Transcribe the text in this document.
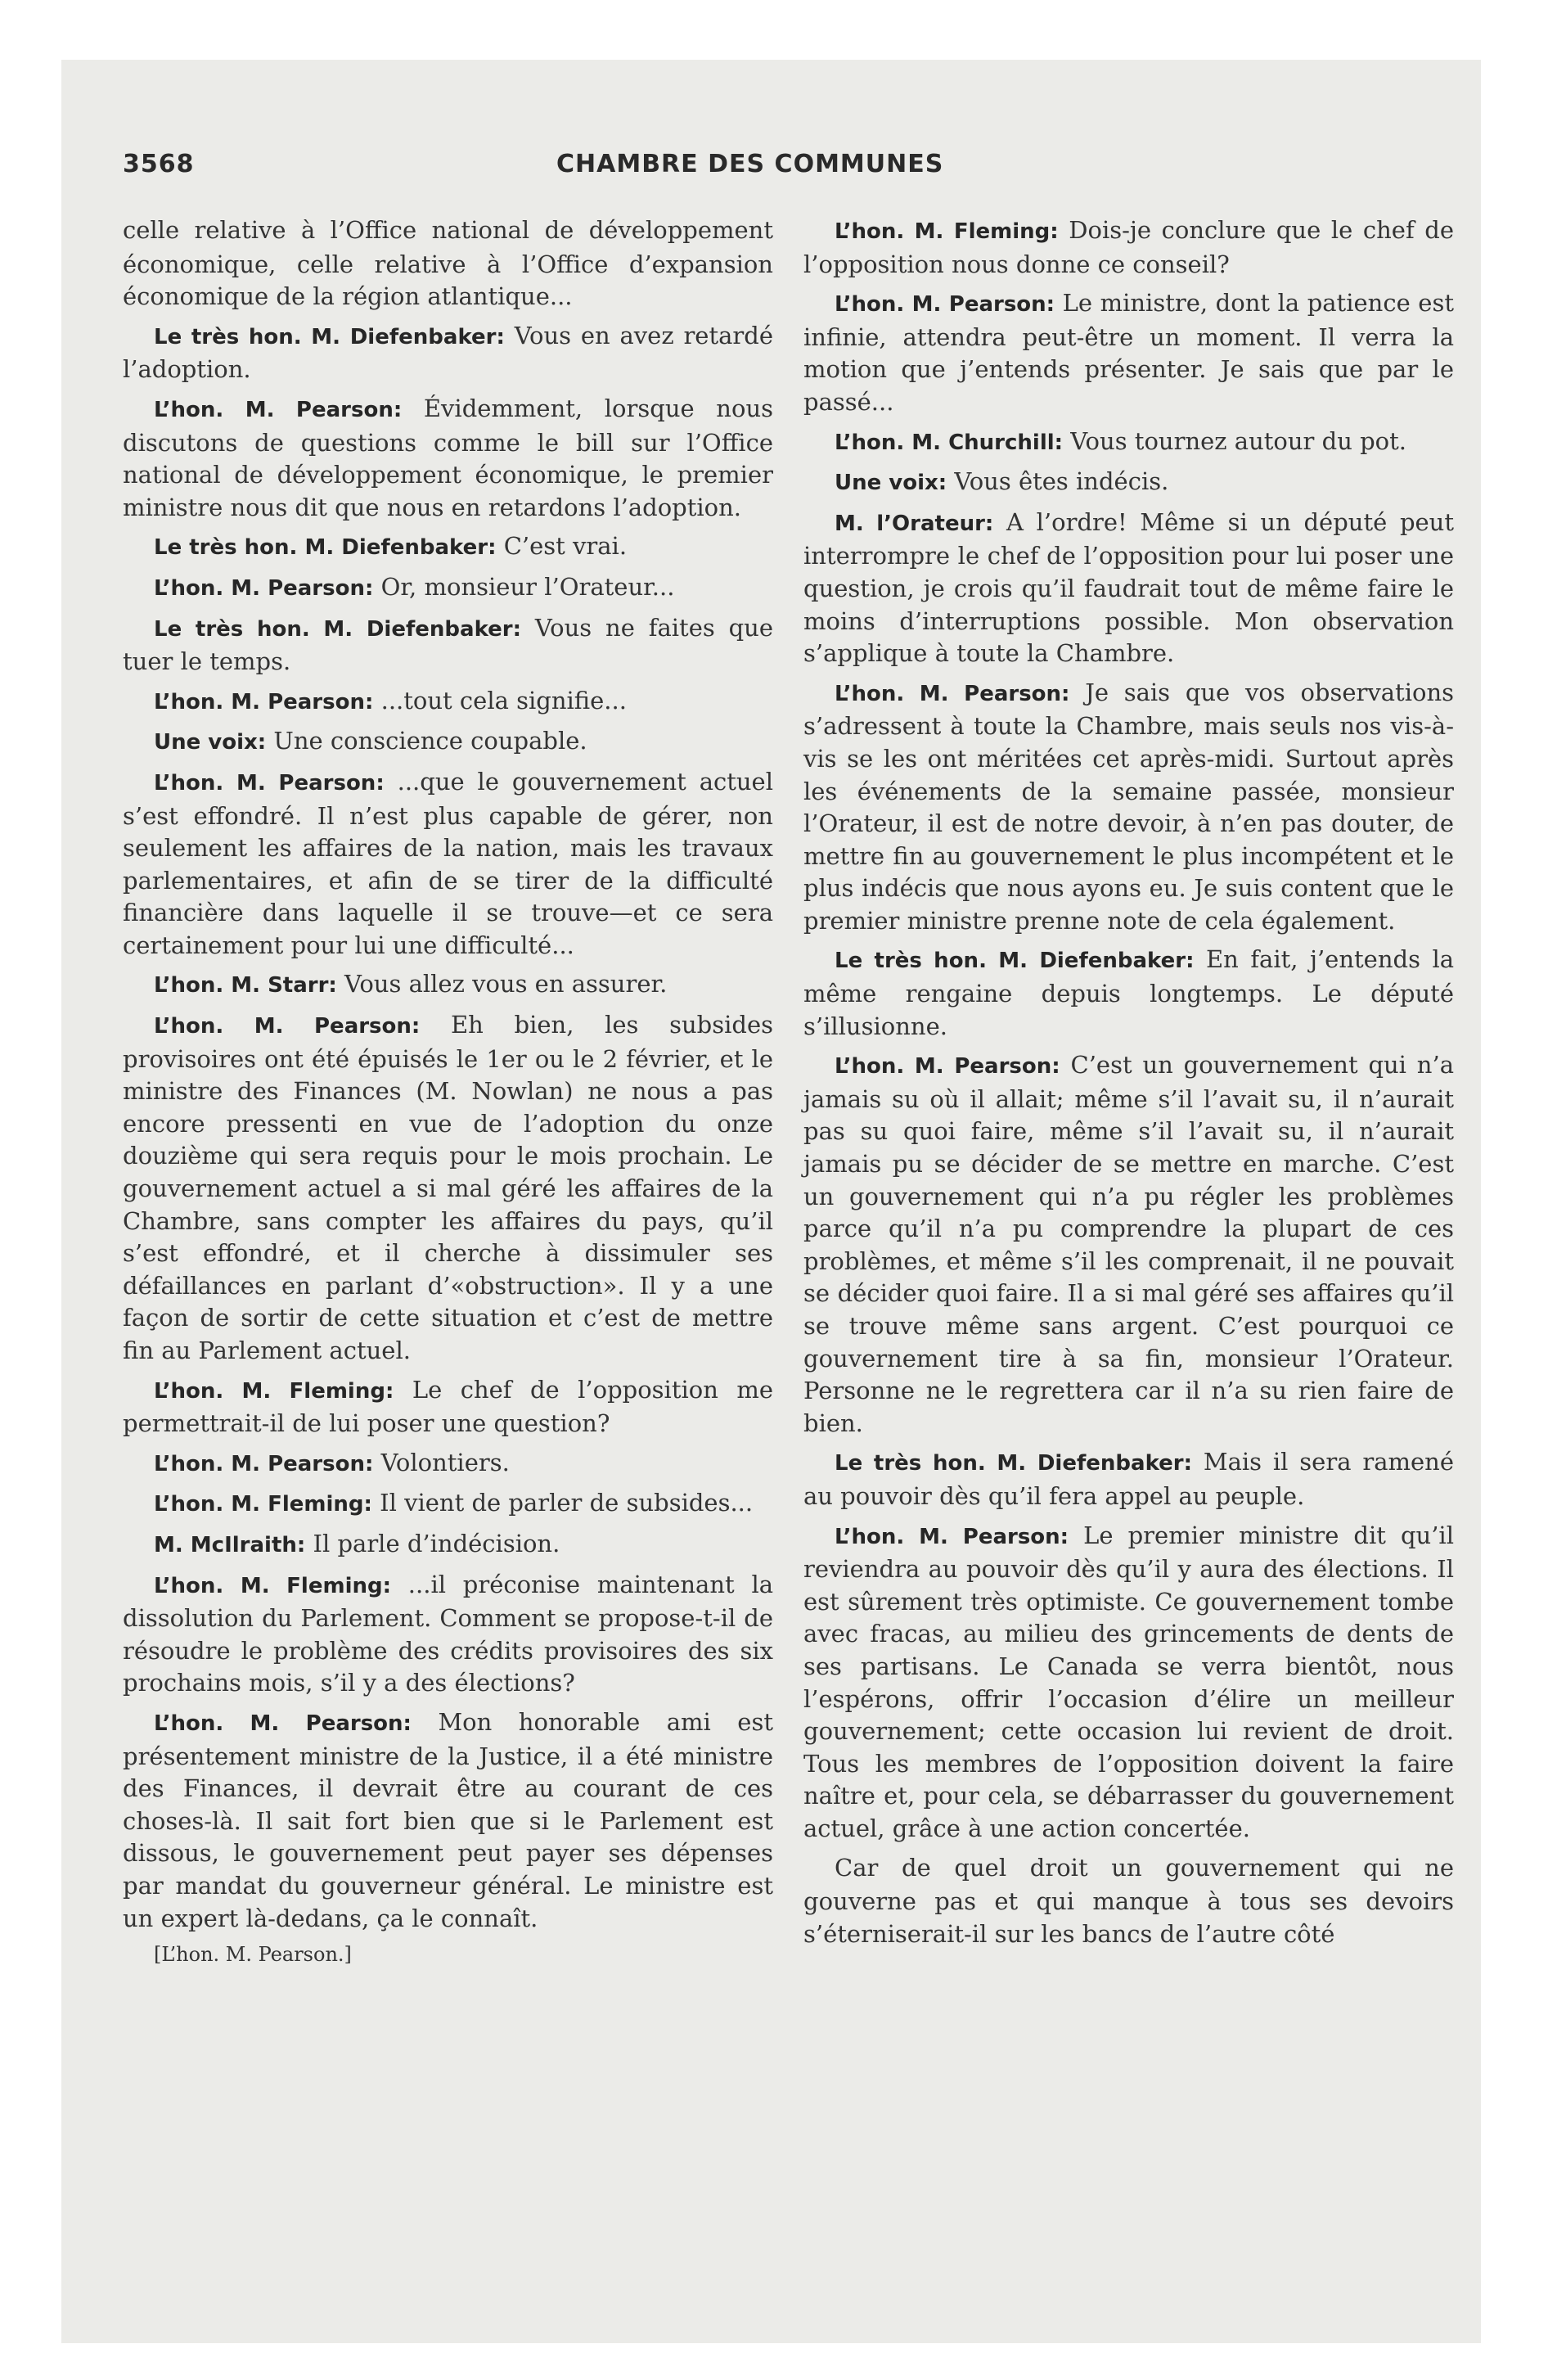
3568	CHAMBRE DES COMMUNES

celle relative à l’Office national de développement économique, celle relative à l’Office d’expansion économique de la région atlantique...

Le très hon. M. Diefenbaker: Vous en avez retardé l’adoption.

L’hon. M. Pearson: Évidemment, lorsque nous discutons de questions comme le bill sur l’Office national de développement économique, le premier ministre nous dit que nous en retardons l’adoption.

Le très hon. M. Diefenbaker: C’est vrai.

L’hon. M. Pearson: Or, monsieur l’Orateur...

Le très hon. M. Diefenbaker: Vous ne faites que tuer le temps.

L’hon. M. Pearson: ...tout cela signifie...

Une voix: Une conscience coupable.

L’hon. M. Pearson: ...que le gouvernement actuel s’est effondré. Il n’est plus capable de gérer, non seulement les affaires de la nation, mais les travaux parlementaires, et afin de se tirer de la difficulté financière dans laquelle il se trouve—et ce sera certainement pour lui une difficulté...

L’hon. M. Starr: Vous allez vous en assurer.

L’hon. M. Pearson: Eh bien, les subsides provisoires ont été épuisés le 1er ou le 2 février, et le ministre des Finances (M. Nowlan) ne nous a pas encore pressenti en vue de l’adoption du onze douzième qui sera requis pour le mois prochain. Le gouvernement actuel a si mal géré les affaires de la Chambre, sans compter les affaires du pays, qu’il s’est effondré, et il cherche à dissimuler ses défaillances en parlant d’«obstruction». Il y a une façon de sortir de cette situation et c’est de mettre fin au Parlement actuel.

L’hon. M. Fleming: Le chef de l’opposition me permettrait-il de lui poser une question?

L’hon. M. Pearson: Volontiers.

L’hon. M. Fleming: Il vient de parler de subsides...

M. McIlraith: Il parle d’indécision.

L’hon. M. Fleming: ...il préconise maintenant la dissolution du Parlement. Comment se propose-t-il de résoudre le problème des crédits provisoires des six prochains mois, s’il y a des élections?

L’hon. M. Pearson: Mon honorable ami est présentement ministre de la Justice, il a été ministre des Finances, il devrait être au courant de ces choses-là. Il sait fort bien que si le Parlement est dissous, le gouvernement peut payer ses dépenses par mandat du gouverneur général. Le ministre est un expert là-dedans, ça le connaît.

[L’hon. M. Pearson.]

L’hon. M. Fleming: Dois-je conclure que le chef de l’opposition nous donne ce conseil?

L’hon. M. Pearson: Le ministre, dont la patience est infinie, attendra peut-être un moment. Il verra la motion que j’entends présenter. Je sais que par le passé...

L’hon. M. Churchill: Vous tournez autour du pot.

Une voix: Vous êtes indécis.

M. l’Orateur: A l’ordre! Même si un député peut interrompre le chef de l’opposition pour lui poser une question, je crois qu’il faudrait tout de même faire le moins d’interruptions possible. Mon observation s’applique à toute la Chambre.

L’hon. M. Pearson: Je sais que vos observations s’adressent à toute la Chambre, mais seuls nos vis-à-vis se les ont méritées cet après-midi. Surtout après les événements de la semaine passée, monsieur l’Orateur, il est de notre devoir, à n’en pas douter, de mettre fin au gouvernement le plus incompétent et le plus indécis que nous ayons eu. Je suis content que le premier ministre prenne note de cela également.

Le très hon. M. Diefenbaker: En fait, j’entends la même rengaine depuis longtemps. Le député s’illusionne.

L’hon. M. Pearson: C’est un gouvernement qui n’a jamais su où il allait; même s’il l’avait su, il n’aurait pas su quoi faire, même s’il l’avait su, il n’aurait jamais pu se décider de se mettre en marche. C’est un gouvernement qui n’a pu régler les problèmes parce qu’il n’a pu comprendre la plupart de ces problèmes, et même s’il les comprenait, il ne pouvait se décider quoi faire. Il a si mal géré ses affaires qu’il se trouve même sans argent. C’est pourquoi ce gouvernement tire à sa fin, monsieur l’Orateur. Personne ne le regrettera car il n’a su rien faire de bien.

Le très hon. M. Diefenbaker: Mais il sera ramené au pouvoir dès qu’il fera appel au peuple.

L’hon. M. Pearson: Le premier ministre dit qu’il reviendra au pouvoir dès qu’il y aura des élections. Il est sûrement très optimiste. Ce gouvernement tombe avec fracas, au milieu des grincements de dents de ses partisans. Le Canada se verra bientôt, nous l’espérons, offrir l’occasion d’élire un meilleur gouvernement; cette occasion lui revient de droit. Tous les membres de l’opposition doivent la faire naître et, pour cela, se débarrasser du gouvernement actuel, grâce à une action concertée.

Car de quel droit un gouvernement qui ne gouverne pas et qui manque à tous ses devoirs s’éterniserait-il sur les bancs de l’autre côté
